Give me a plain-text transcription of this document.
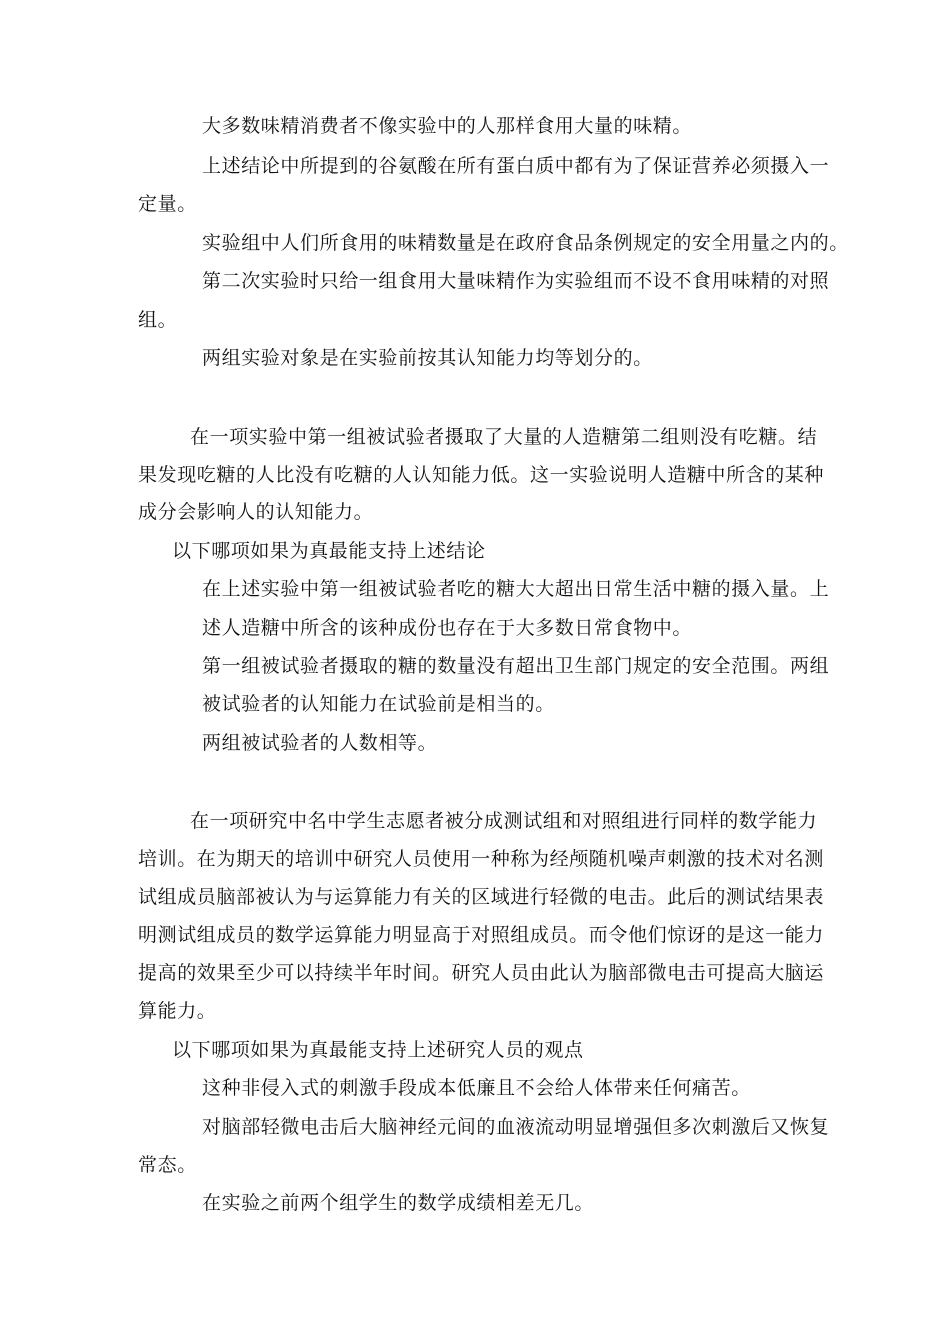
大多数味精消费者不像实验中的人那样食用大量的味精。
上述结论中所提到的谷氨酸在所有蛋白质中都有为了保证营养必须摄入一
定量。
实验组中人们所食用的味精数量是在政府食品条例规定的安全用量之内的。
第二次实验时只给一组食用大量味精作为实验组而不设不食用味精的对照
组。
两组实验对象是在实验前按其认知能力均等划分的。
在一项实验中第一组被试验者摄取了大量的人造糖第二组则没有吃糖。结
果发现吃糖的人比没有吃糖的人认知能力低。这一实验说明人造糖中所含的某种
成分会影响人的认知能力。
以下哪项如果为真最能支持上述结论
在上述实验中第一组被试验者吃的糖大大超出日常生活中糖的摄入量。上
述人造糖中所含的该种成份也存在于大多数日常食物中。
第一组被试验者摄取的糖的数量没有超出卫生部门规定的安全范围。两组
被试验者的认知能力在试验前是相当的。
两组被试验者的人数相等。
在一项研究中名中学生志愿者被分成测试组和对照组进行同样的数学能力
培训。在为期天的培训中研究人员使用一种称为经颅随机噪声刺激的技术对名测
试组成员脑部被认为与运算能力有关的区域进行轻微的电击。此后的测试结果表
明测试组成员的数学运算能力明显高于对照组成员。而令他们惊讶的是这一能力
提高的效果至少可以持续半年时间。研究人员由此认为脑部微电击可提高大脑运
算能力。
以下哪项如果为真最能支持上述研究人员的观点
这种非侵入式的刺激手段成本低廉且不会给人体带来任何痛苦。
对脑部轻微电击后大脑神经元间的血液流动明显增强但多次刺激后又恢复
常态。
在实验之前两个组学生的数学成绩相差无几。
